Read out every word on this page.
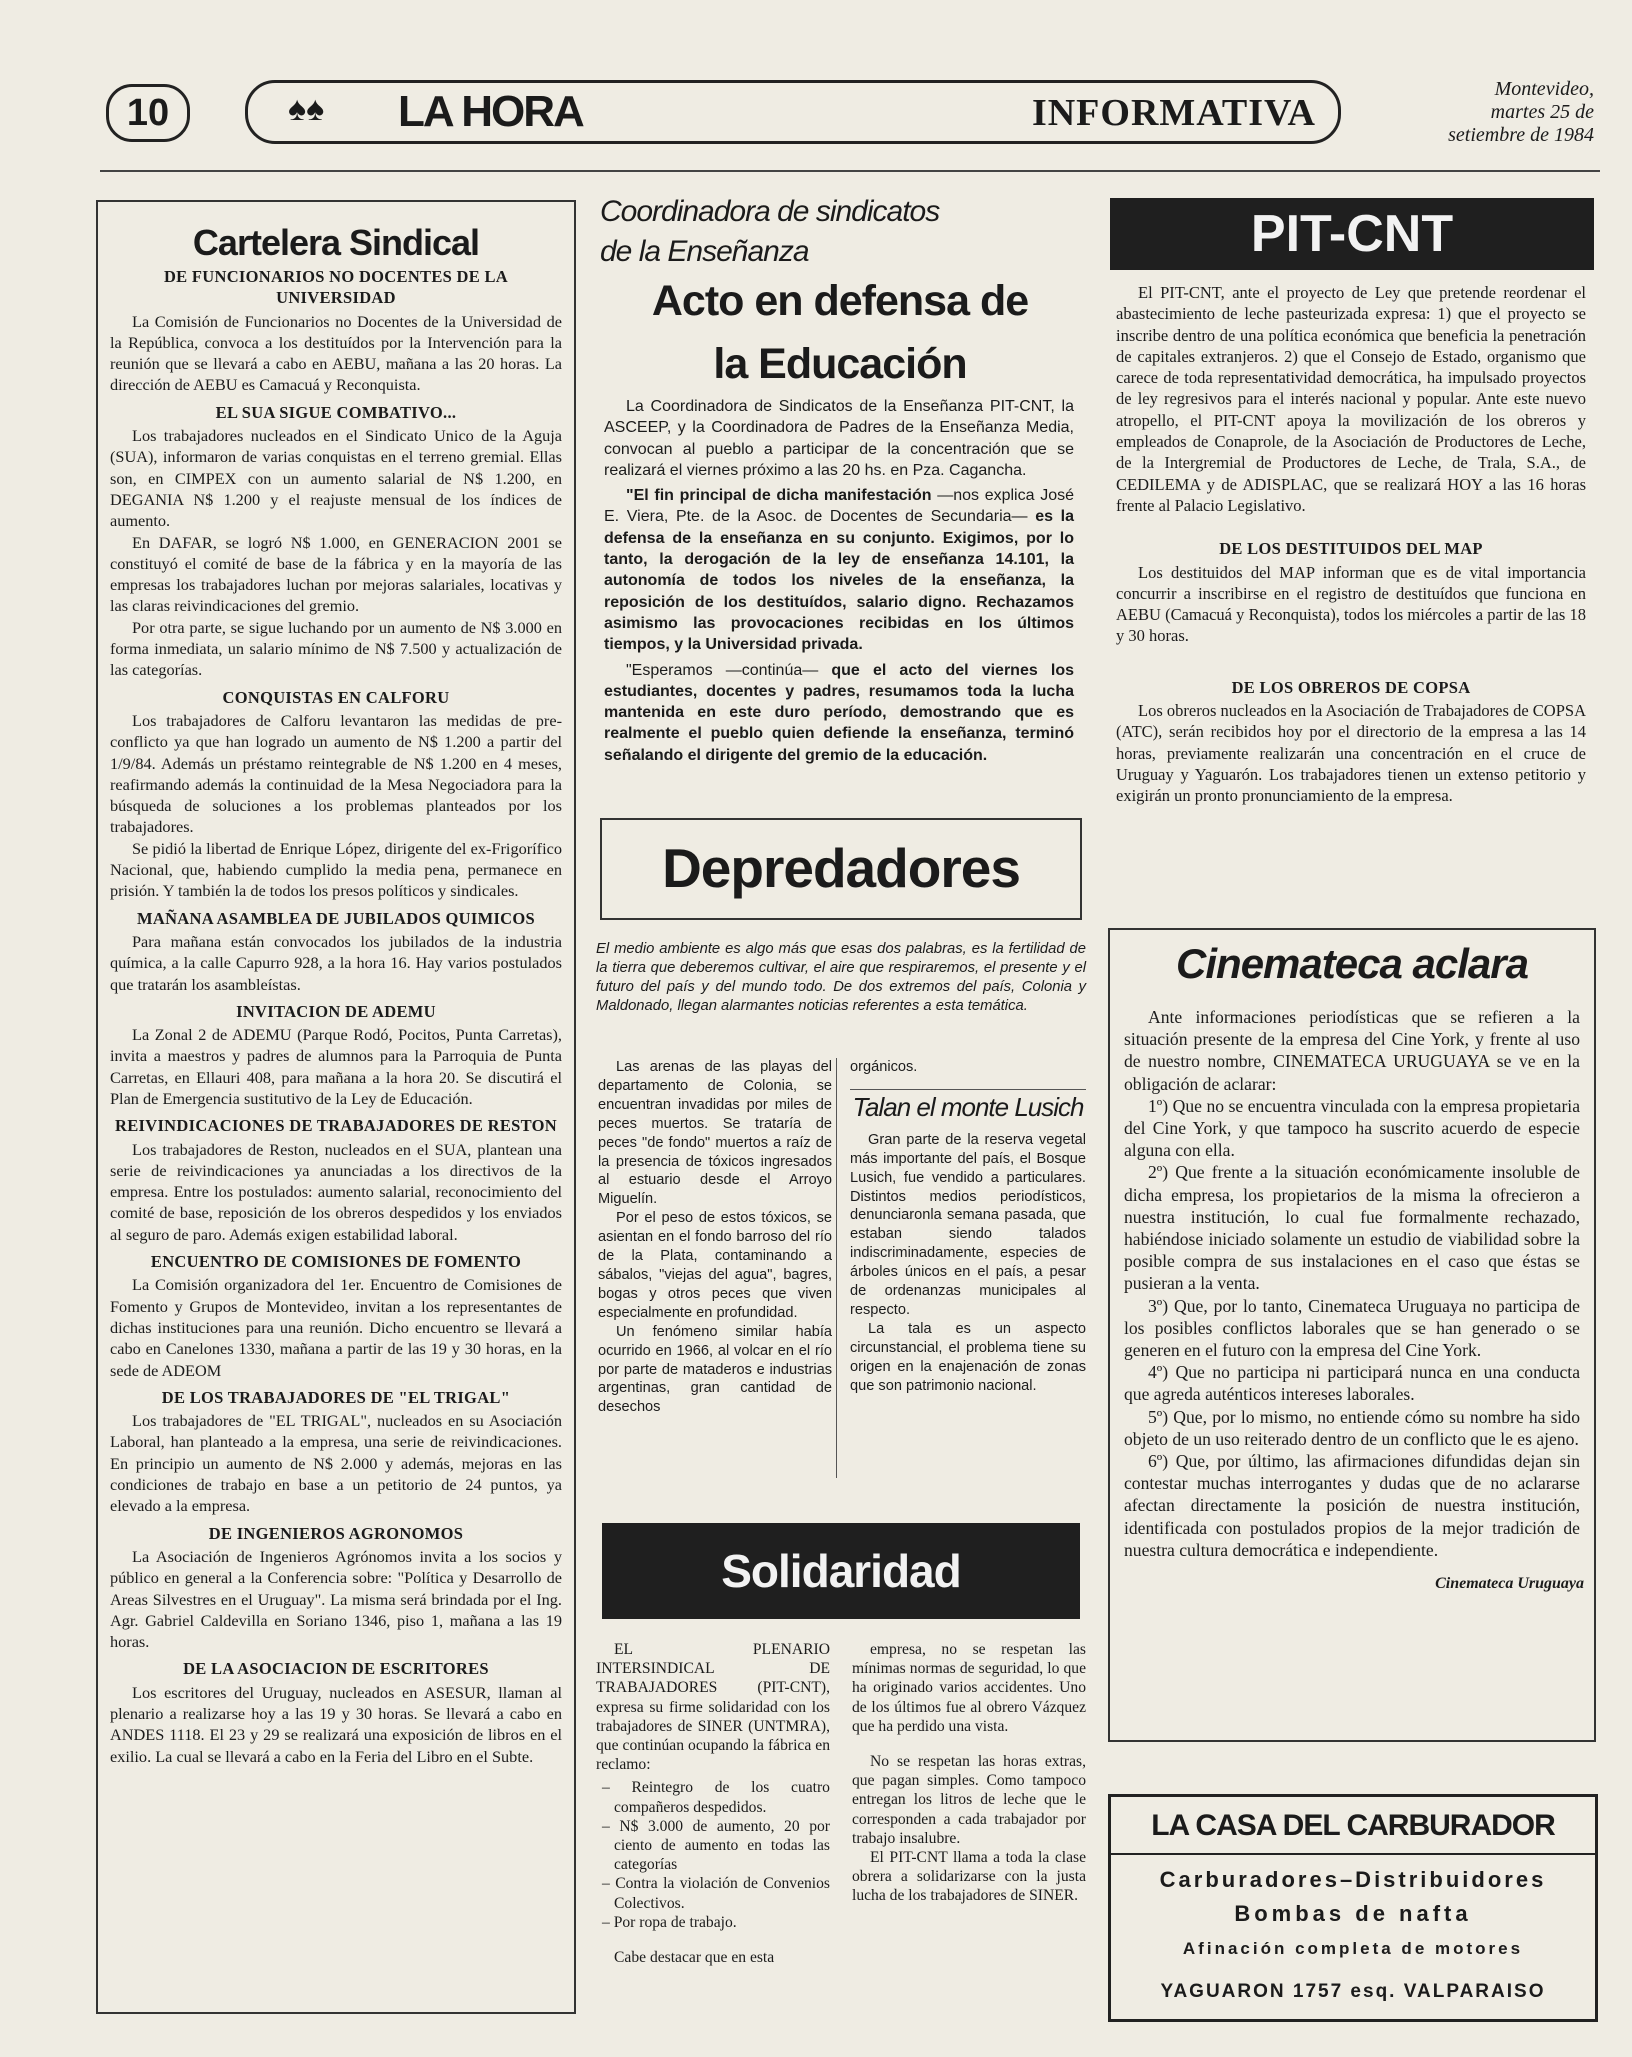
10	♠♠ LA HORA	INFORMATIVA
Montevideo,
martes 25 de
setiembre de 1984
Cartelera Sindical
DE FUNCIONARIOS NO DOCENTES DE LA UNIVERSIDAD

La Comisión de Funcionarios no Docentes de la Universidad de la República, convoca a los destituídos por la Intervención para la reunión que se llevará a cabo en AEBU, mañana a las 20 horas. La dirección de AEBU es Camacuá y Reconquista.

EL SUA SIGUE COMBATIVO...

Los trabajadores nucleados en el Sindicato Unico de la Aguja (SUA), informaron de varias conquistas en el terreno gremial. Ellas son, en CIMPEX con un aumento salarial de N$ 1.200, en DEGANIA N$ 1.200 y el reajuste mensual de los índices de aumento.

En DAFAR, se logró N$ 1.000, en GENERACION 2001 se constituyó el comité de base de la fábrica y en la mayoría de las empresas los trabajadores luchan por mejoras salariales, locativas y las claras reivindicaciones del gremio.

Por otra parte, se sigue luchando por un aumento de N$ 3.000 en forma inmediata, un salario mínimo de N$ 7.500 y actualización de las categorías.

CONQUISTAS EN CALFORU

Los trabajadores de Calforu levantaron las medidas de pre-conflicto ya que han logrado un aumento de N$ 1.200 a partir del 1/9/84. Además un préstamo reintegrable de N$ 1.200 en 4 meses, reafirmando además la continuidad de la Mesa Negociadora para la búsqueda de soluciones a los problemas planteados por los trabajadores.

Se pidió la libertad de Enrique López, dirigente del ex-Frigorífico Nacional, que, habiendo cumplido la media pena, permanece en prisión. Y también la de todos los presos políticos y sindicales.

MAÑANA ASAMBLEA DE JUBILADOS QUIMICOS

Para mañana están convocados los jubilados de la industria química, a la calle Capurro 928, a la hora 16. Hay varios postulados que tratarán los asambleístas.

INVITACION DE ADEMU

La Zonal 2 de ADEMU (Parque Rodó, Pocitos, Punta Carretas), invita a maestros y padres de alumnos para la Parroquia de Punta Carretas, en Ellauri 408, para mañana a la hora 20. Se discutirá el Plan de Emergencia sustitutivo de la Ley de Educación.

REIVINDICACIONES DE TRABAJADORES DE RESTON

Los trabajadores de Reston, nucleados en el SUA, plantean una serie de reivindicaciones ya anunciadas a los directivos de la empresa. Entre los postulados: aumento salarial, reconocimiento del comité de base, reposición de los obreros despedidos y los enviados al seguro de paro. Además exigen estabilidad laboral.

ENCUENTRO DE COMISIONES DE FOMENTO

La Comisión organizadora del 1er. Encuentro de Comisiones de Fomento y Grupos de Montevideo, invitan a los representantes de dichas instituciones para una reunión. Dicho encuentro se llevará a cabo en Canelones 1330, mañana a partir de las 19 y 30 horas, en la sede de ADEOM

DE LOS TRABAJADORES DE "EL TRIGAL"

Los trabajadores de "EL TRIGAL", nucleados en su Asociación Laboral, han planteado a la empresa, una serie de reivindicaciones. En principio un aumento de N$ 2.000 y además, mejoras en las condiciones de trabajo en base a un petitorio de 24 puntos, ya elevado a la empresa.

DE INGENIEROS AGRONOMOS

La Asociación de Ingenieros Agrónomos invita a los socios y público en general a la Conferencia sobre: "Política y Desarrollo de Areas Silvestres en el Uruguay". La misma será brindada por el Ing. Agr. Gabriel Caldevilla en Soriano 1346, piso 1, mañana a las 19 horas.

DE LA ASOCIACION DE ESCRITORES

Los escritores del Uruguay, nucleados en ASESUR, llaman al plenario a realizarse hoy a las 19 y 30 horas. Se llevará a cabo en ANDES 1118. El 23 y 29 se realizará una exposición de libros en el exilio. La cual se llevará a cabo en la Feria del Libro en el Subte.

Coordinadora de sindicatos
de la Enseñanza
Acto en defensa de
la Educación

La Coordinadora de Sindicatos de la Enseñanza PIT-CNT, la ASCEEP, y la Coordinadora de Padres de la Enseñanza Media, convocan al pueblo a participar de la concentración que se realizará el viernes próximo a las 20 hs. en Pza. Cagancha.

"El fin principal de dicha manifestación —nos explica José E. Viera, Pte. de la Asoc. de Docentes de Secundaria— es la defensa de la enseñanza en su conjunto. Exigimos, por lo tanto, la derogación de la ley de enseñanza 14.101, la autonomía de todos los niveles de la enseñanza, la reposición de los destituídos, salario digno. Rechazamos asimismo las provocaciones recibidas en los últimos tiempos, y la Universidad privada.

"Esperamos —continúa— que el acto del viernes los estudiantes, docentes y padres, resumamos toda la lucha mantenida en este duro período, demostrando que es realmente el pueblo quien defiende la enseñanza, terminó señalando el dirigente del gremio de la educación.

Depredadores
El medio ambiente es algo más que esas dos palabras, es la fertilidad de la tierra que deberemos cultivar, el aire que respiraremos, el presente y el futuro del país y del mundo todo. De dos extremos del país, Colonia y Maldonado, llegan alarmantes noticias referentes a esta temática.

Las arenas de las playas del departamento de Colonia, se encuentran invadidas por miles de peces muertos. Se trataría de peces "de fondo" muertos a raíz de la presencia de tóxicos ingresados al estuario desde el Arroyo Miguelín.

Por el peso de estos tóxicos, se asientan en el fondo barroso del río de la Plata, contaminando a sábalos, "viejas del agua", bagres, bogas y otros peces que viven especialmente en profundidad.

Un fenómeno similar había ocurrido en 1966, al volcar en el río por parte de mataderos e industrias argentinas, gran cantidad de desechos

orgánicos.
Talan el monte Lusich

Gran parte de la reserva vegetal más importante del país, el Bosque Lusich, fue vendido a particulares. Distintos medios periodísticos, denunciaronla semana pasada, que estaban siendo talados indiscriminadamente, especies de árboles únicos en el país, a pesar de ordenanzas municipales al respecto.

La tala es un aspecto circunstancial, el problema tiene su origen en la enajenación de zonas que son patrimonio nacional.

Solidaridad

EL PLENARIO INTERSINDICAL DE TRABAJADORES (PIT-CNT), expresa su firme solidaridad con los trabajadores de SINER (UNTMRA), que continúan ocupando la fábrica en reclamo:

– Reintegro de los cuatro compañeros despedidos.
– N$ 3.000 de aumento, 20 por ciento de aumento en todas las categorías
– Contra la violación de Convenios Colectivos.
– Por ropa de trabajo.

Cabe destacar que en esta

empresa, no se respetan las mínimas normas de seguridad, lo que ha originado varios accidentes. Uno de los últimos fue al obrero Vázquez que ha perdido una vista.

No se respetan las horas extras, que pagan simples. Como tampoco entregan los litros de leche que le corresponden a cada trabajador por trabajo insalubre.

El PIT-CNT llama a toda la clase obrera a solidarizarse con la justa lucha de los trabajadores de SINER.

PIT-CNT

El PIT-CNT, ante el proyecto de Ley que pretende reordenar el abastecimiento de leche pasteurizada expresa: 1) que el proyecto se inscribe dentro de una política económica que beneficia la penetración de capitales extranjeros. 2) que el Consejo de Estado, organismo que carece de toda representatividad democrática, ha impulsado proyectos de ley regresivos para el interés nacional y popular. Ante este nuevo atropello, el PIT-CNT apoya la movilización de los obreros y empleados de Conaprole, de la Asociación de Productores de Leche, de la Intergremial de Productores de Leche, de Trala, S.A., de CEDILEMA y de ADISPLAC, que se realizará HOY a las 16 horas frente al Palacio Legislativo.

DE LOS DESTITUIDOS DEL MAP

Los destituidos del MAP informan que es de vital importancia concurrir a inscribirse en el registro de destituídos que funciona en AEBU (Camacuá y Reconquista), todos los miércoles a partir de las 18 y 30 horas.

DE LOS OBREROS DE COPSA

Los obreros nucleados en la Asociación de Trabajadores de COPSA (ATC), serán recibidos hoy por el directorio de la empresa a las 14 horas, previamente realizarán una concentración en el cruce de Uruguay y Yaguarón. Los trabajadores tienen un extenso petitorio y exigirán un pronto pronunciamiento de la empresa.

Cinemateca aclara

Ante informaciones periodísticas que se refieren a la situación presente de la empresa del Cine York, y frente al uso de nuestro nombre, CINEMATECA URUGUAYA se ve en la obligación de aclarar:

1º) Que no se encuentra vinculada con la empresa propietaria del Cine York, y que tampoco ha suscrito acuerdo de especie alguna con ella.

2º) Que frente a la situación económicamente insoluble de dicha empresa, los propietarios de la misma la ofrecieron a nuestra institución, lo cual fue formalmente rechazado, habiéndose iniciado solamente un estudio de viabilidad sobre la posible compra de sus instalaciones en el caso que éstas se pusieran a la venta.

3º) Que, por lo tanto, Cinemateca Uruguaya no participa de los posibles conflictos laborales que se han generado o se generen en el futuro con la empresa del Cine York.

4º) Que no participa ni participará nunca en una conducta que agreda auténticos intereses laborales.

5º) Que, por lo mismo, no entiende cómo su nombre ha sido objeto de un uso reiterado dentro de un conflicto que le es ajeno.

6º) Que, por último, las afirmaciones difundidas dejan sin contestar muchas interrogantes y dudas que de no aclararse afectan directamente la posición de nuestra institución, identificada con postulados propios de la mejor tradición de nuestra cultura democrática e independiente.

Cinemateca Uruguaya
LA CASA DEL CARBURADOR
Carburadores–Distribuidores
Bombas de nafta
Afinación completa de motores
YAGUARON 1757 esq. VALPARAISO
